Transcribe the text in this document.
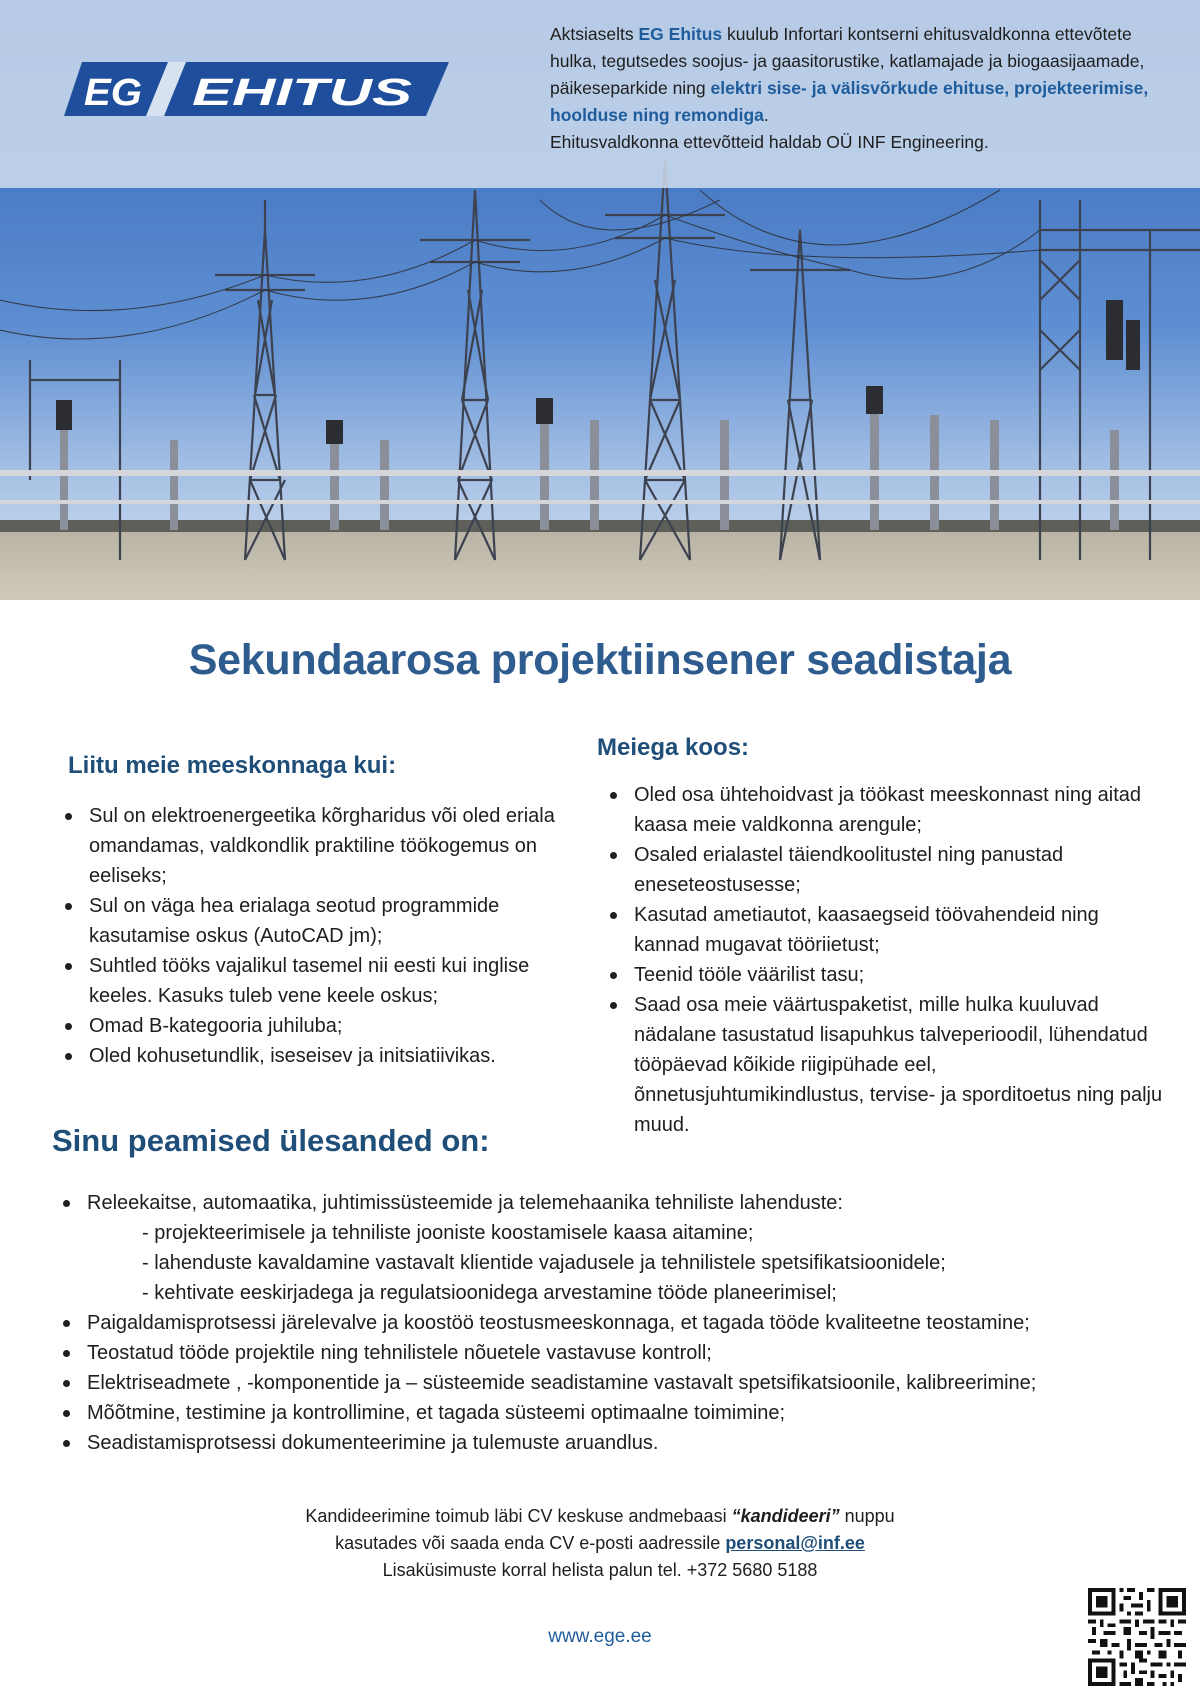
EG EHITUS
Aktsiaselts EG Ehitus kuulub Infortari kontserni ehitusvaldkonna ettevõtete hulka, tegutsedes soojus- ja gaasitorustike, katlamajade ja biogaasijaamade, päikeseparkide ning elektri sise- ja välisvõrkude ehituse, projekteerimise, hoolduse ning remondiga.
Ehitusvaldkonna ettevõtteid haldab OÜ INF Engineering.
Sekundaarosa projektiinsener seadistaja
Liitu meie meeskonnaga kui:
Sul on elektroenergeetika kõrgharidus või oled eriala omandamas, valdkondlik praktiline töökogemus on eeliseks;
Sul on väga hea erialaga seotud programmide kasutamise oskus (AutoCAD jm);
Suhtled tööks vajalikul tasemel nii eesti kui inglise keeles. Kasuks tuleb vene keele oskus;
Omad B-kategooria juhiluba;
Oled kohusetundlik, iseseisev ja initsiatiivikas.
Meiega koos:
Oled osa ühtehoidvast ja töökast meeskonnast ning aitad kaasa meie valdkonna arengule;
Osaled erialastel täiendkoolitustel ning panustad eneseteostusesse;
Kasutad ametiautot, kaasaegseid töövahendeid ning kannad mugavat tööriietust;
Teenid tööle väärilist tasu;
Saad osa meie väärtuspaketist, mille hulka kuuluvad nädalane tasustatud lisapuhkus talveperioodil, lühendatud tööpäevad kõikide riigipühade eel, õnnetusjuhtumikindlustus, tervise- ja sporditoetus ning palju muud.
Sinu peamised ülesanded on:
Releekaitse, automaatika, juhtimissüsteemide ja telemehaanika tehniliste lahenduste:
- projekteerimisele ja tehniliste jooniste koostamisele kaasa aitamine;
- lahenduste kavaldamine vastavalt klientide vajadusele ja tehnilistele spetsifikatsioonidele;
- kehtivate eeskirjadega ja regulatsioonidega arvestamine tööde planeerimisel;
Paigaldamisprotsessi järelevalve ja koostöö teostusmeeskonnaga, et tagada tööde kvaliteetne teostamine;
Teostatud tööde projektile ning tehnilistele nõuetele vastavuse kontroll;
Elektriseadmete , -komponentide ja – süsteemide seadistamine vastavalt spetsifikatsioonile, kalibreerimine;
Mõõtmine, testimine ja kontrollimine, et tagada süsteemi optimaalne toimimine;
Seadistamisprotsessi dokumenteerimine ja tulemuste aruandlus.
Kandideerimine toimub läbi CV keskuse andmebaasi “kandideeri” nuppu
kasutades või saada enda CV e-posti aadressile personal@inf.ee
Lisaküsimuste korral helista palun tel. +372 5680 5188
www.ege.ee
